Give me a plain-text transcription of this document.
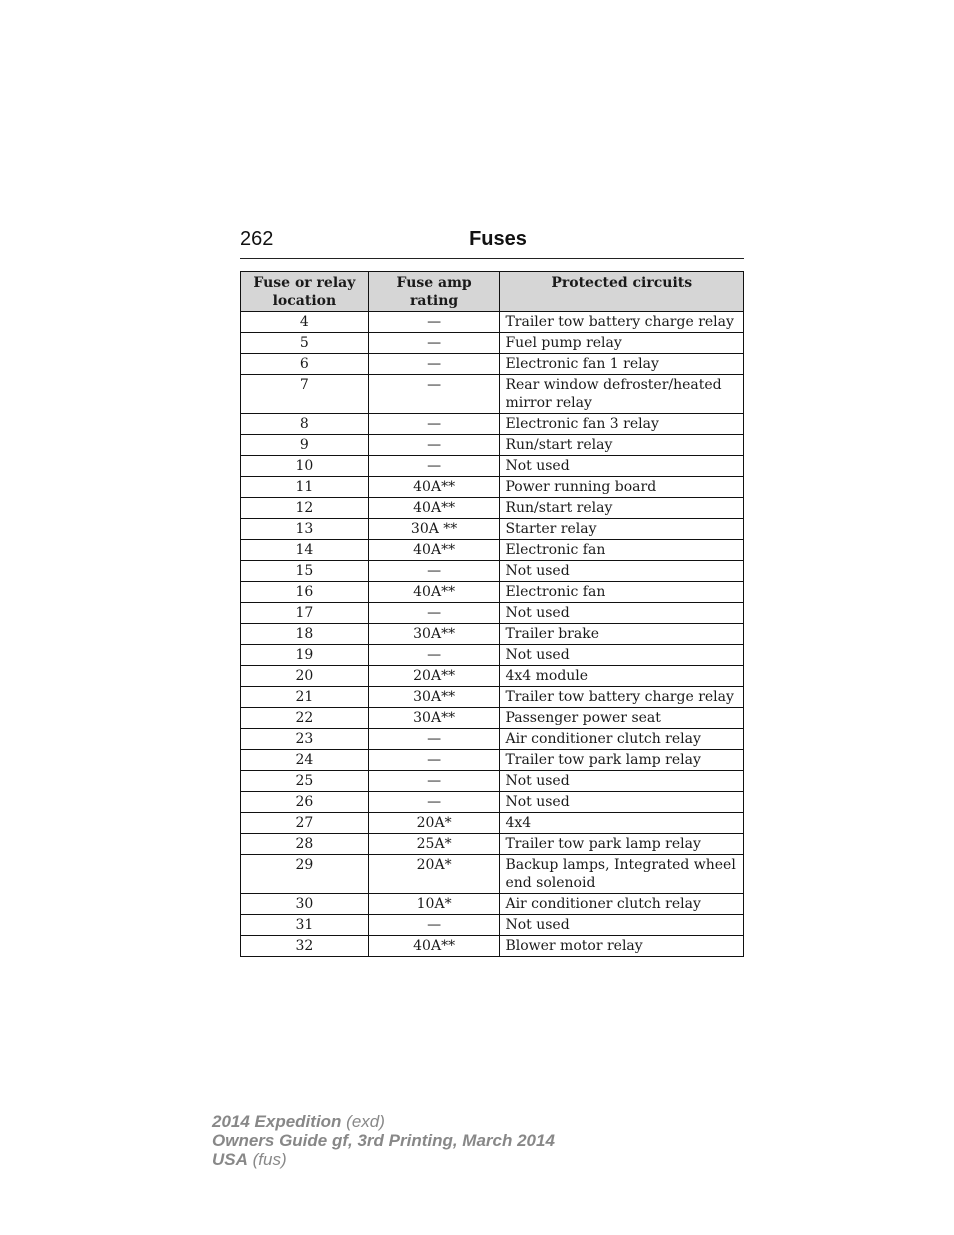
262	Fuses
Fuse or relay location	Fuse amp rating	Protected circuits
4	—	Trailer tow battery charge relay
5	—	Fuel pump relay
6	—	Electronic fan 1 relay
7	—	Rear window defroster/heated mirror relay
8	—	Electronic fan 3 relay
9	—	Run/start relay
10	—	Not used
11	40A**	Power running board
12	40A**	Run/start relay
13	30A **	Starter relay
14	40A**	Electronic fan
15	—	Not used
16	40A**	Electronic fan
17	—	Not used
18	30A**	Trailer brake
19	—	Not used
20	20A**	4x4 module
21	30A**	Trailer tow battery charge relay
22	30A**	Passenger power seat
23	—	Air conditioner clutch relay
24	—	Trailer tow park lamp relay
25	—	Not used
26	—	Not used
27	20A*	4x4
28	25A*	Trailer tow park lamp relay
29	20A*	Backup lamps, Integrated wheel end solenoid
30	10A*	Air conditioner clutch relay
31	—	Not used
32	40A**	Blower motor relay
2014 Expedition (exd)
Owners Guide gf, 3rd Printing, March 2014
USA (fus)
